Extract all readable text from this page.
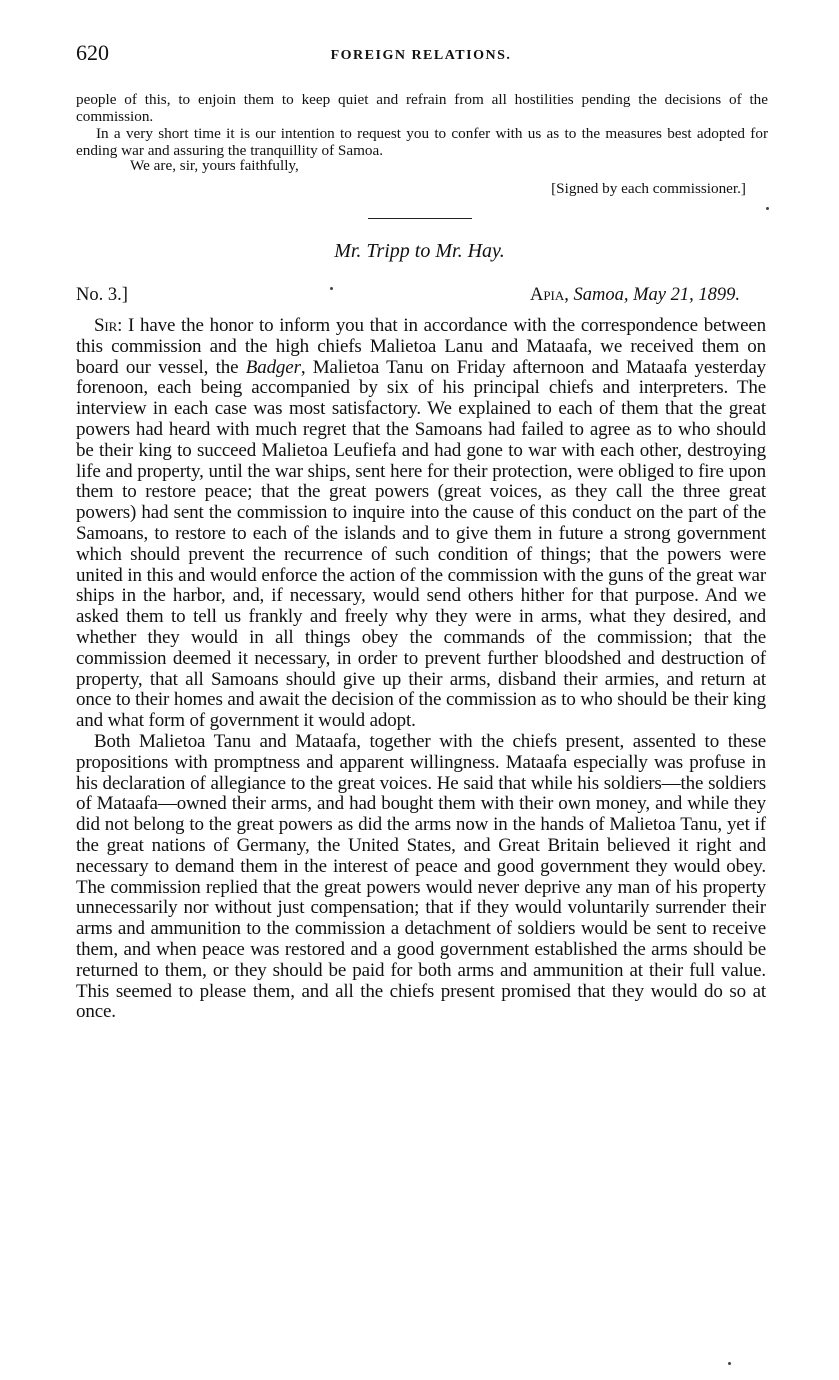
620	FOREIGN RELATIONS.
people of this, to enjoin them to keep quiet and refrain from all hostilities pending the decisions of the commission.
In a very short time it is our intention to request you to confer with us as to the measures best adopted for ending war and assuring the tranquillity of Samoa.
We are, sir, yours faithfully,
[Signed by each commissioner.]
Mr. Tripp to Mr. Hay.
No. 3.]	Apia, Samoa, May 21, 1899.

Sir: I have the honor to inform you that in accordance with the correspondence between this commission and the high chiefs Malietoa Lanu and Mataafa, we received them on board our vessel, the Badger, Malietoa Tanu on Friday afternoon and Mataafa yesterday forenoon, each being accompanied by six of his principal chiefs and interpreters. The interview in each case was most satisfactory. We explained to each of them that the great powers had heard with much regret that the Samoans had failed to agree as to who should be their king to succeed Malietoa Leufiefa and had gone to war with each other, destroying life and property, until the war ships, sent here for their protection, were obliged to fire upon them to restore peace; that the great powers (great voices, as they call the three great powers) had sent the commission to inquire into the cause of this conduct on the part of the Samoans, to restore to each of the islands and to give them in future a strong government which should prevent the recurrence of such condition of things; that the powers were united in this and would enforce the action of the commission with the guns of the great war ships in the harbor, and, if necessary, would send others hither for that purpose. And we asked them to tell us frankly and freely why they were in arms, what they desired, and whether they would in all things obey the commands of the commission; that the commission deemed it necessary, in order to prevent further bloodshed and destruction of property, that all Samoans should give up their arms, disband their armies, and return at once to their homes and await the decision of the commission as to who should be their king and what form of government it would adopt.

Both Malietoa Tanu and Mataafa, together with the chiefs present, assented to these propositions with promptness and apparent willingness. Mataafa especially was profuse in his declaration of allegiance to the great voices. He said that while his soldiers—the soldiers of Mataafa—owned their arms, and had bought them with their own money, and while they did not belong to the great powers as did the arms now in the hands of Malietoa Tanu, yet if the great nations of Germany, the United States, and Great Britain believed it right and necessary to demand them in the interest of peace and good government they would obey. The commission replied that the great powers would never deprive any man of his property unnecessarily nor without just compensation; that if they would voluntarily surrender their arms and ammunition to the commission a detachment of soldiers would be sent to receive them, and when peace was restored and a good government established the arms should be returned to them, or they should be paid for both arms and ammunition at their full value. This seemed to please them, and all the chiefs present promised that they would do so at once.
